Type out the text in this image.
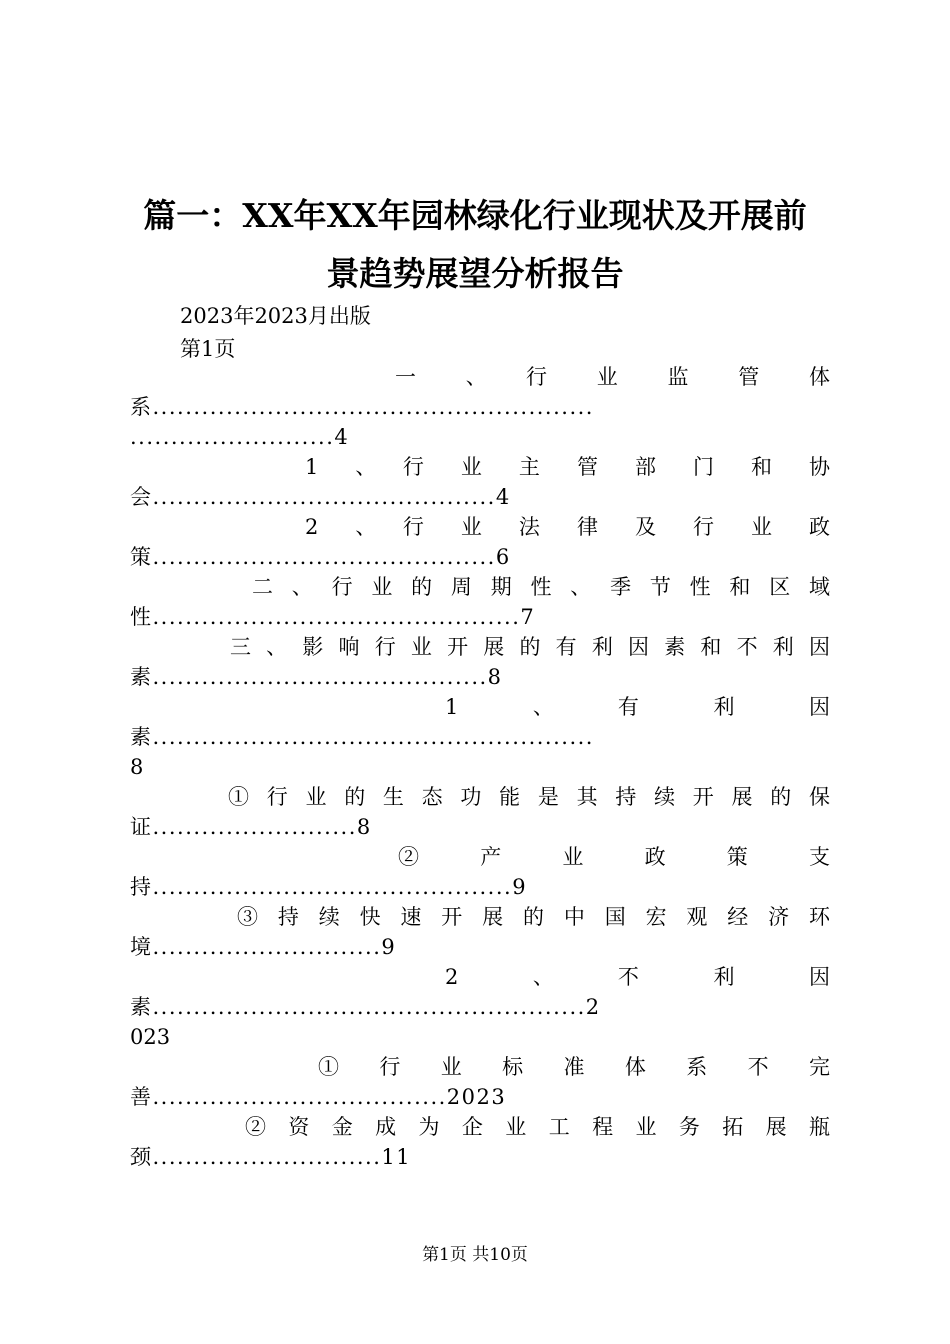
篇一：XX年XX年园林绿化行业现状及开展前
景趋势展望分析报告
2023年2023月出版
第1页
一　、　行　业　监　管　体
系......................................................
.........................4
1　、　行　业　主　管　部　门　和　协
会..........................................4
2　、　行　业　法　律　及　行　业　政
策..........................................6
二、行业的周期性、季节性和区域
性.............................................7
三、影响行业开展的有利因素和不利因
素.........................................8
1　、　有　利　因
素......................................................
8
①行业的生态功能是其持续开展的保
证.........................8
②　产　业　政　策　支
持............................................9
③持续快速开展的中国宏观经济环
境............................9
2　、　不　利　因
素.....................................................2
023
①　行　业　标　准　体　系　不　完
善....................................2023
②资金成为企业工程业务拓展瓶
颈............................11
第1页 共10页
